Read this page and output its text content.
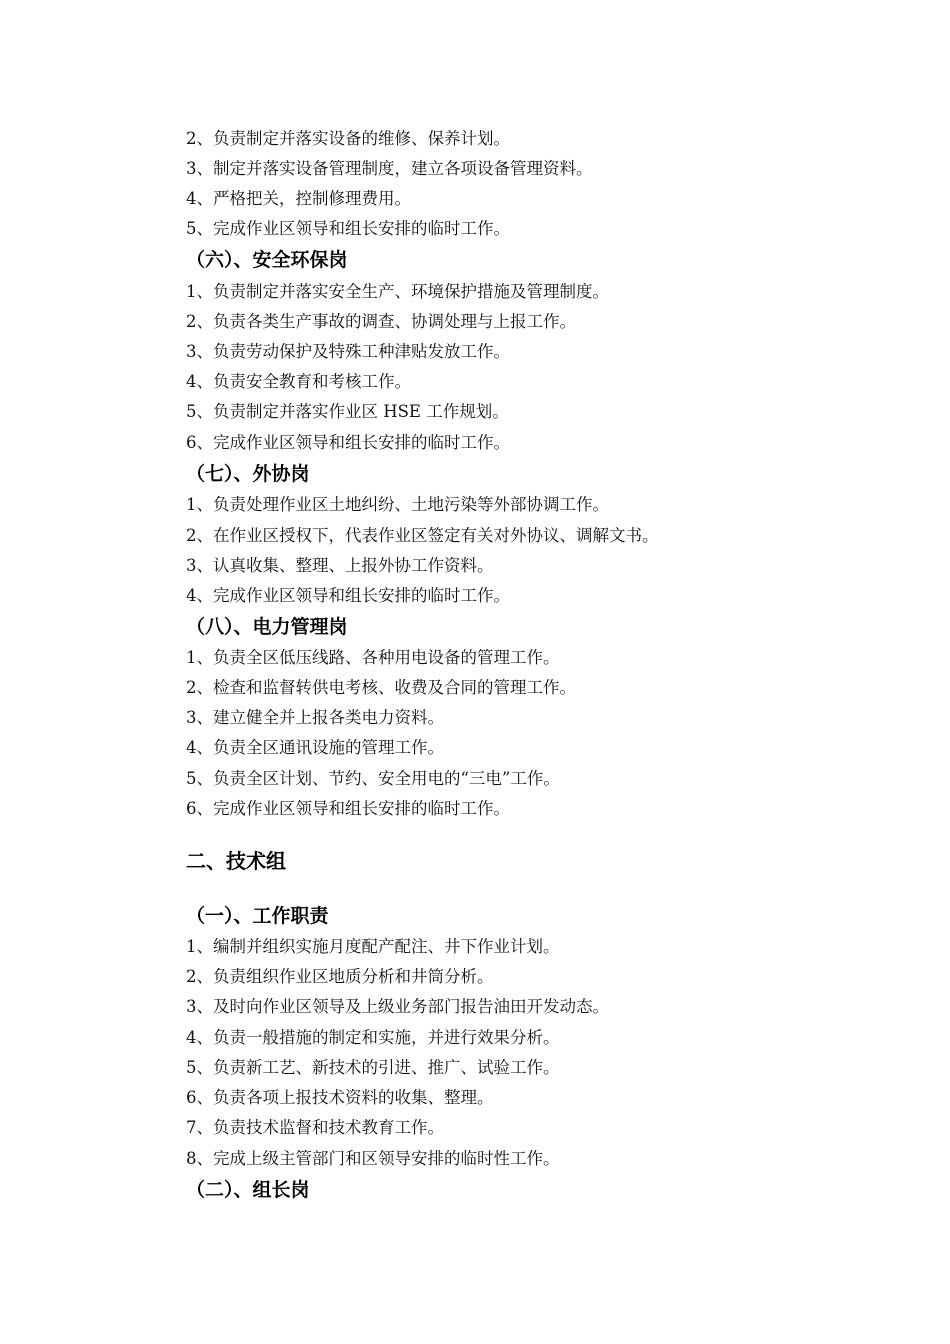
2、负责制定并落实设备的维修、保养计划。
3、制定并落实设备管理制度，建立各项设备管理资料。
4、严格把关，控制修理费用。
5、完成作业区领导和组长安排的临时工作。
（六）、安全环保岗
1、负责制定并落实安全生产、环境保护措施及管理制度。
2、负责各类生产事故的调查、协调处理与上报工作。
3、负责劳动保护及特殊工种津贴发放工作。
4、负责安全教育和考核工作。
5、负责制定并落实作业区 HSE 工作规划。
6、完成作业区领导和组长安排的临时工作。
（七）、外协岗
1、负责处理作业区土地纠纷、土地污染等外部协调工作。
2、在作业区授权下，代表作业区签定有关对外协议、调解文书。
3、认真收集、整理、上报外协工作资料。
4、完成作业区领导和组长安排的临时工作。
（八）、电力管理岗
1、负责全区低压线路、各种用电设备的管理工作。
2、检查和监督转供电考核、收费及合同的管理工作。
3、建立健全并上报各类电力资料。
4、负责全区通讯设施的管理工作。
5、负责全区计划、节约、安全用电的“三电”工作。
6、完成作业区领导和组长安排的临时工作。
二、技术组
（一）、工作职责
1、编制并组织实施月度配产配注、井下作业计划。
2、负责组织作业区地质分析和井筒分析。
3、及时向作业区领导及上级业务部门报告油田开发动态。
4、负责一般措施的制定和实施，并进行效果分析。
5、负责新工艺、新技术的引进、推广、试验工作。
6、负责各项上报技术资料的收集、整理。
7、负责技术监督和技术教育工作。
8、完成上级主管部门和区领导安排的临时性工作。
（二）、组长岗
